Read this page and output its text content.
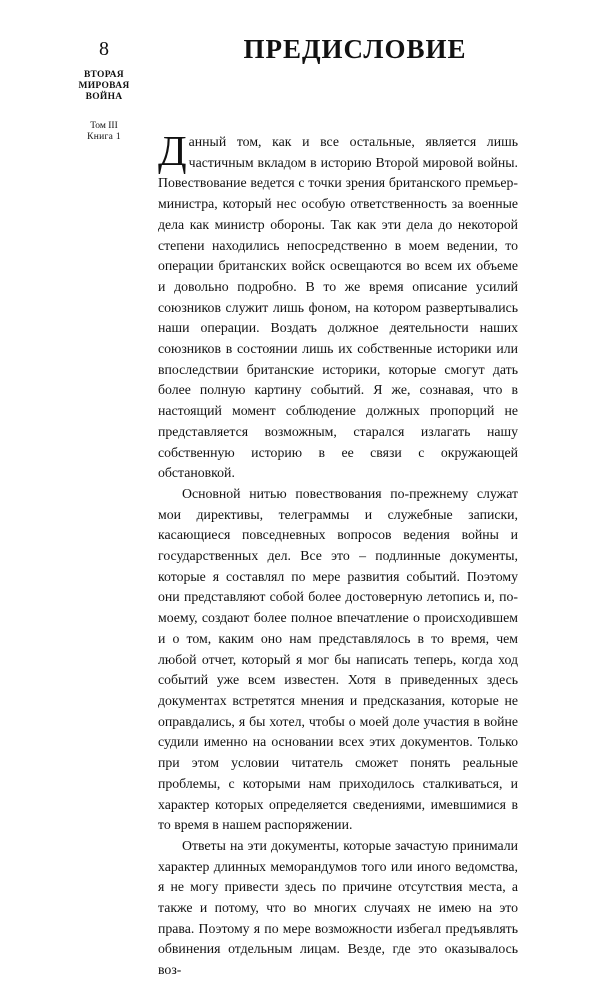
8
ВТОРАЯ
МИРОВАЯ
ВОЙНА
Том III
Книга 1
ПРЕДИСЛОВИЕ

Данный том, как и все остальные, является лишь частичным вкладом в историю Второй мировой войны. Повествование ведется с точки зрения британского премьер-министра, который нес особую ответственность за военные дела как министр обороны. Так как эти дела до некоторой степени находились непосредственно в моем ведении, то операции британских войск освещаются во всем их объеме и довольно подробно. В то же время описание усилий союзников служит лишь фоном, на котором развертывались наши операции. Воздать должное деятельности наших союзников в состоянии лишь их собственные историки или впоследствии британские историки, которые смогут дать более полную картину событий. Я же, сознавая, что в настоящий момент соблюдение должных пропорций не представляется возможным, старался излагать нашу собственную историю в ее связи с окружающей обстановкой.

Основной нитью повествования по-прежнему служат мои директивы, телеграммы и служебные записки, касающиеся повседневных вопросов ведения войны и государственных дел. Все это – подлинные документы, которые я составлял по мере развития событий. Поэтому они представляют собой более достоверную летопись и, по-моему, создают более полное впечатление о происходившем и о том, каким оно нам представлялось в то время, чем любой отчет, который я мог бы написать теперь, когда ход событий уже всем известен. Хотя в приведенных здесь документах встретятся мнения и предсказания, которые не оправдались, я бы хотел, чтобы о моей доле участия в войне судили именно на основании всех этих документов. Только при этом условии читатель сможет понять реальные проблемы, с которыми нам приходилось сталкиваться, и характер которых определяется сведениями, имевшимися в то время в нашем распоряжении.

Ответы на эти документы, которые зачастую принимали характер длинных меморандумов того или иного ведомства, я не могу привести здесь по причине отсутствия места, а также и потому, что во многих случаях не имею на это права. Поэтому я по мере возможности избегал предъявлять обвинения отдельным лицам. Везде, где это оказывалось воз-
